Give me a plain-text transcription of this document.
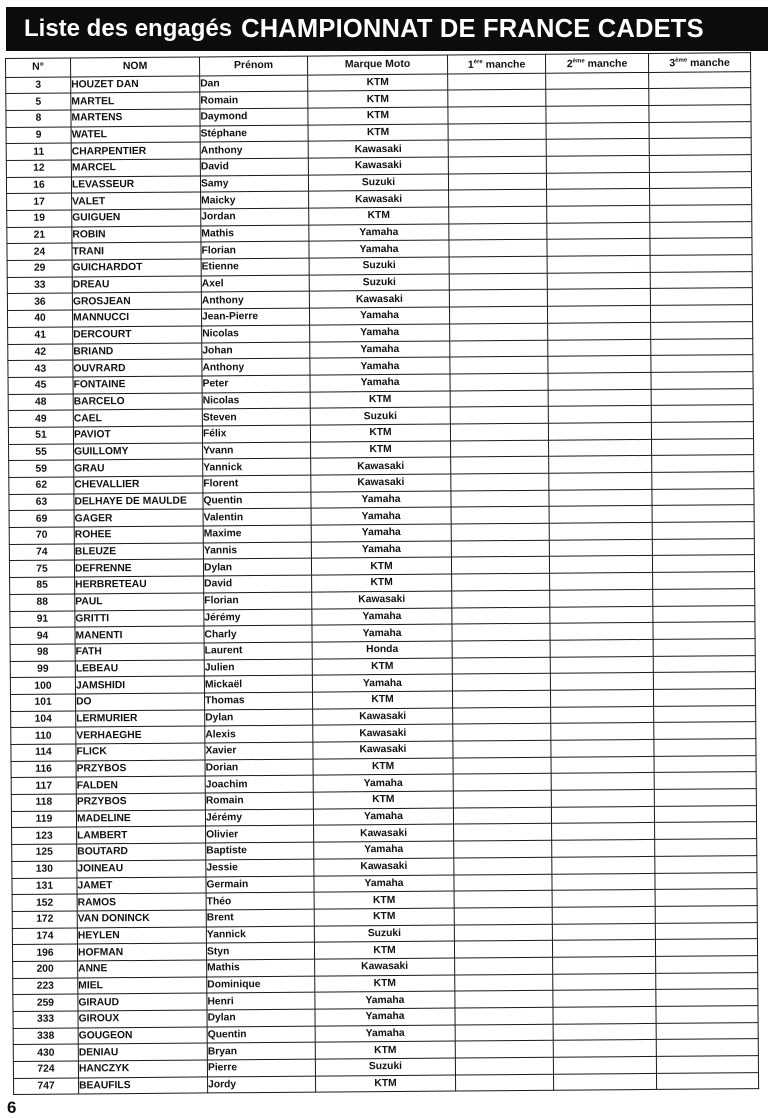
Liste des engagés CHAMPIONNAT DE FRANCE CADETS
N°	NOM	Prénom	Marque Moto	1ère manche	2ème manche	3ème manche
3	HOUZET DAN	Dan	KTM			
5	MARTEL	Romain	KTM			
8	MARTENS	Daymond	KTM			
9	WATEL	Stéphane	KTM			
11	CHARPENTIER	Anthony	Kawasaki			
12	MARCEL	David	Kawasaki			
16	LEVASSEUR	Samy	Suzuki			
17	VALET	Maicky	Kawasaki			
19	GUIGUEN	Jordan	KTM			
21	ROBIN	Mathis	Yamaha			
24	TRANI	Florian	Yamaha			
29	GUICHARDOT	Etienne	Suzuki			
33	DREAU	Axel	Suzuki			
36	GROSJEAN	Anthony	Kawasaki			
40	MANNUCCI	Jean-Pierre	Yamaha			
41	DERCOURT	Nicolas	Yamaha			
42	BRIAND	Johan	Yamaha			
43	OUVRARD	Anthony	Yamaha			
45	FONTAINE	Peter	Yamaha			
48	BARCELO	Nicolas	KTM			
49	CAEL	Steven	Suzuki			
51	PAVIOT	Félix	KTM			
55	GUILLOMY	Yvann	KTM			
59	GRAU	Yannick	Kawasaki			
62	CHEVALLIER	Florent	Kawasaki			
63	DELHAYE DE MAULDE	Quentin	Yamaha			
69	GAGER	Valentin	Yamaha			
70	ROHEE	Maxime	Yamaha			
74	BLEUZE	Yannis	Yamaha			
75	DEFRENNE	Dylan	KTM			
85	HERBRETEAU	David	KTM			
88	PAUL	Florian	Kawasaki			
91	GRITTI	Jérémy	Yamaha			
94	MANENTI	Charly	Yamaha			
98	FATH	Laurent	Honda			
99	LEBEAU	Julien	KTM			
100	JAMSHIDI	Mickaël	Yamaha			
101	DO	Thomas	KTM			
104	LERMURIER	Dylan	Kawasaki			
110	VERHAEGHE	Alexis	Kawasaki			
114	FLICK	Xavier	Kawasaki			
116	PRZYBOS	Dorian	KTM			
117	FALDEN	Joachim	Yamaha			
118	PRZYBOS	Romain	KTM			
119	MADELINE	Jérémy	Yamaha			
123	LAMBERT	Olivier	Kawasaki			
125	BOUTARD	Baptiste	Yamaha			
130	JOINEAU	Jessie	Kawasaki			
131	JAMET	Germain	Yamaha			
152	RAMOS	Théo	KTM			
172	VAN DONINCK	Brent	KTM			
174	HEYLEN	Yannick	Suzuki			
196	HOFMAN	Styn	KTM			
200	ANNE	Mathis	Kawasaki			
223	MIEL	Dominique	KTM			
259	GIRAUD	Henri	Yamaha			
333	GIROUX	Dylan	Yamaha			
338	GOUGEON	Quentin	Yamaha			
430	DENIAU	Bryan	KTM			
724	HANCZYK	Pierre	Suzuki			
747	BEAUFILS	Jordy	KTM			
6
